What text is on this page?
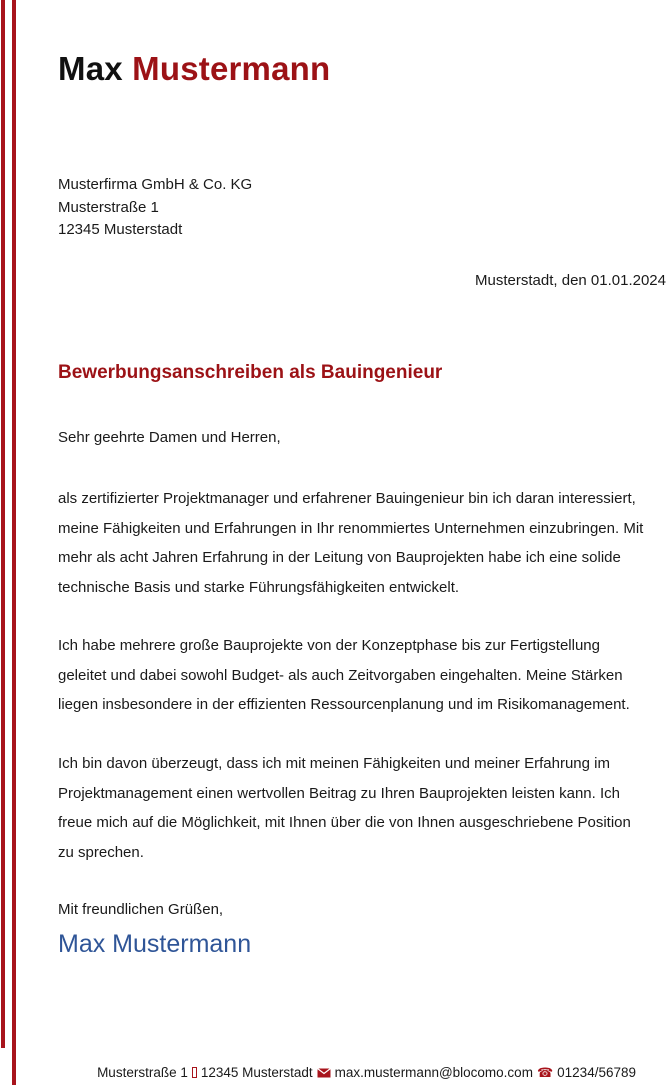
Max Mustermann
Musterfirma GmbH & Co. KG
Musterstraße 1
12345 Musterstadt
Musterstadt, den 01.01.2024
Bewerbungsanschreiben als Bauingenieur
Sehr geehrte Damen und Herren,

als zertifizierter Projektmanager und erfahrener Bauingenieur bin ich daran interessiert, meine Fähigkeiten und Erfahrungen in Ihr renommiertes Unternehmen einzubringen. Mit mehr als acht Jahren Erfahrung in der Leitung von Bauprojekten habe ich eine solide technische Basis und starke Führungsfähigkeiten entwickelt.

Ich habe mehrere große Bauprojekte von der Konzeptphase bis zur Fertigstellung geleitet und dabei sowohl Budget- als auch Zeitvorgaben eingehalten. Meine Stärken liegen insbesondere in der effizienten Ressourcenplanung und im Risikomanagement.

Ich bin davon überzeugt, dass ich mit meinen Fähigkeiten und meiner Erfahrung im Projektmanagement einen wertvollen Beitrag zu Ihren Bauprojekten leisten kann. Ich freue mich auf die Möglichkeit, mit Ihnen über die von Ihnen ausgeschriebene Position zu sprechen.

Mit freundlichen Grüßen,
Max Mustermann
Musterstraße 1 12345 Musterstadt max.mustermann@blocomo.com ☎ 01234/56789
